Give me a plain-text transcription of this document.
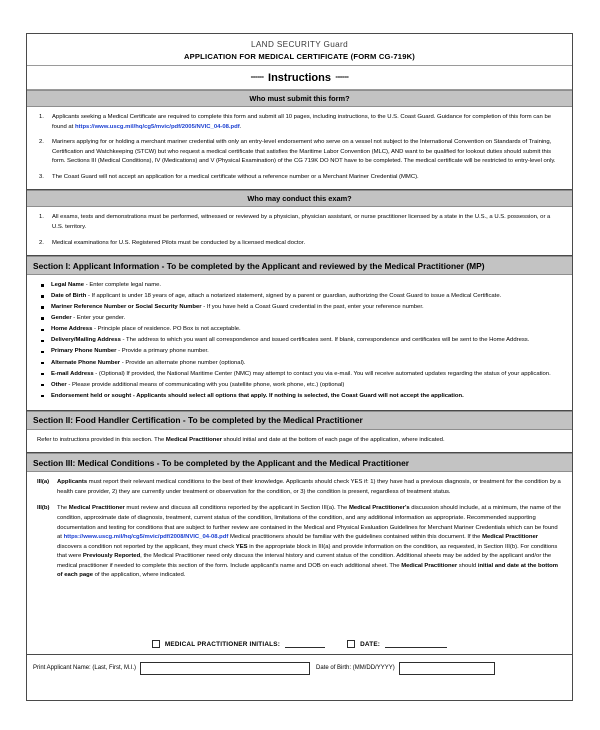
LAND SECURITY Guard
APPLICATION FOR MEDICAL CERTIFICATE (FORM CG-719K)
------ Instructions ------
Who must submit this form?
1. Applicants seeking a Medical Certificate are required to complete this form and submit all 10 pages, including instructions, to the U.S. Coast Guard. Guidance for completion of this form can be found at https://www.uscg.mil/hq/cg5/mvic/pdf/2005/NVIC_04-08.pdf.
2. Mariners applying for or holding a merchant mariner credential with only an entry-level endorsement who serve on a vessel not subject to the International Convention on Standards of Training, Certification and Watchkeeping (STCW) but who request a medical certificate that satisfies the Maritime Labor Convention (MLC), AND want to be qualified for lookout duties should submit this form. Sections III (Medical Conditions), IV (Medications) and V (Physical Examination) of the CG 719K DO NOT have to be completed. The medical certificate will be restricted to entry-level only.
3. The Coast Guard will not accept an application for a medical certificate without a reference number or a Merchant Mariner Credential (MMC).
Who may conduct this exam?
1. All exams, tests and demonstrations must be performed, witnessed or reviewed by a physician, physician assistant, or nurse practitioner licensed by a state in the U.S., a U.S. possession, or a U.S. territory.
2. Medical examinations for U.S. Registered Pilots must be conducted by a licensed medical doctor.
Section I: Applicant Information - To be completed by the Applicant and reviewed by the Medical Practitioner (MP)
Legal Name - Enter complete legal name.
Date of Birth - If applicant is under 18 years of age, attach a notarized statement, signed by a parent or guardian, authorizing the Coast Guard to issue a Medical Certificate.
Mariner Reference Number or Social Security Number - If you have held a Coast Guard credential in the past, enter your reference number.
Gender - Enter your gender.
Home Address - Principle place of residence. PO Box is not acceptable.
Delivery/Mailing Address - The address to which you want all correspondence and issued certificates sent. If blank, correspondence and certificates will be sent to the Home Address.
Primary Phone Number - Provide a primary phone number.
Alternate Phone Number - Provide an alternate phone number (optional).
E-mail Address - (Optional) If provided, the National Maritime Center (NMC) may attempt to contact you via e-mail. You will receive automated updates regarding the status of your application.
Other - Please provide additional means of communicating with you (satellite phone, work phone, etc.) (optional)
Endorsement held or sought - Applicants should select all options that apply. If nothing is selected, the Coast Guard will not accept the application.
Section II: Food Handler Certification - To be completed by the Medical Practitioner
Refer to instructions provided in this section. The Medical Practitioner should initial and date at the bottom of each page of the application, where indicated.
Section III: Medical Conditions - To be completed by the Applicant and the Medical Practitioner
III(a) Applicants must report their relevant medical conditions to the best of their knowledge. Applicants should check YES if: 1) they have had a previous diagnosis, or treatment for the condition by a health care provider, 2) they are currently under treatment or observation for the condition, or 3) the condition is present, regardless of treatment status.
III(b) The Medical Practitioner must review and discuss all conditions reported by the applicant in Section III(a). The Medical Practitioner's discussion should include, at a minimum, the name of the condition, approximate date of diagnosis, treatment, current status of the condition, limitations of the condition, and any additional information as appropriate. Recommended supporting documentation and testing for conditions that are subject to further review are contained in the Medical and Physical Evaluation Guidelines for Merchant Mariner Credentials which can be found at https://www.uscg.mil/hq/cg5/mvic/pdf/2008/NVIC_04-08.pdf Medical practitioners should be familiar with the guidelines contained within this document. If the Medical Practitioner discovers a condition not reported by the applicant, they must check YES in the appropriate block in III(a) and provide information on the condition, as requested, in Section III(b). For conditions that were Previously Reported, the Medical Practitioner need only discuss the interval history and current status of the condition. Additional sheets may be added by the applicant and/or the medical practitioner if needed to complete this section of the form. Include applicant's name and DOB on each additional sheet. The Medical Practitioner should initial and date at the bottom of each page of the application, where indicated.
MEDICAL PRACTITIONER INITIALS:	DATE:
Print Applicant Name: (Last, First, M.I.)	Date of Birth: (MM/DD/YYYY)
